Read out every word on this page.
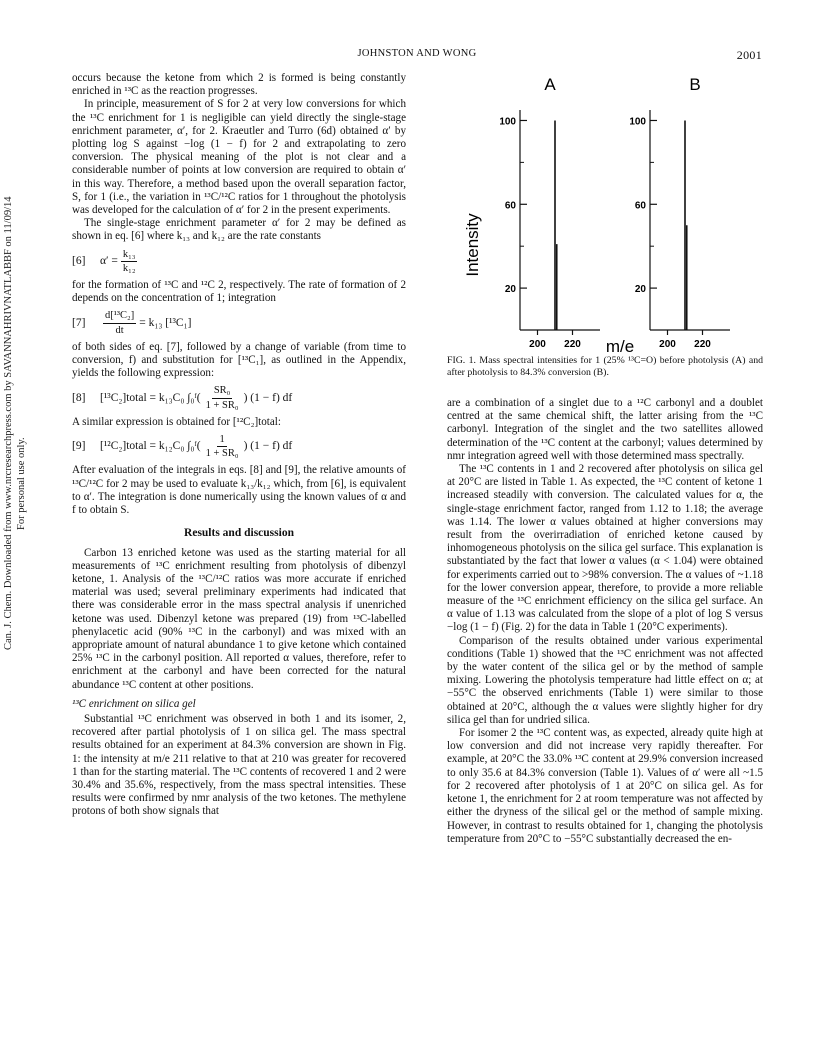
JOHNSTON AND WONG	2001
Can. J. Chem. Downloaded from www.nrcresearchpress.com by SAVANNAHRIVNATLABBF on 11/09/14 For personal use only.

occurs because the ketone from which 2 is formed is being constantly enriched in ¹³C as the reaction progresses.

In principle, measurement of S for 2 at very low conversions for which the ¹³C enrichment for 1 is negligible can yield directly the single-stage enrichment parameter, α′, for 2. Kraeutler and Turro (6d) obtained α′ by plotting log S against −log (1 − f) for 2 and extrapolating to zero conversion. The physical meaning of the plot is not clear and a considerable number of points at low conversion are required to obtain α′ in this way. Therefore, a method based upon the overall separation factor, S, for 1 (i.e., the variation in ¹³C/¹²C ratios for 1 throughout the photolysis was developed for the calculation of α′ for 2 in the present experiments.

The single-stage enrichment parameter α′ for 2 may be defined as shown in eq. [6] where k₁₃ and k₁₂ are the rate constants

[6]	$\alpha' = \frac{\text{k₁₃}}{\text{k₁₂}}$

for the formation of ¹³C and ¹²C 2, respectively. The rate of formation of 2 depends on the concentration of 1; integration

[7]	$\frac{\text{d[¹³C₂]}}{dt} = k_{13}$ [¹³C₁]

of both sides of eq. [7], followed by a change of variable (from time to conversion, f) and substitution for [¹³C₁], as outlined in the Appendix, yields the following expression:

[8]	[¹³C₂]total = k₁₃C₀ ∫₀ᶠ ( $\frac{\text{SR₀}}{\text{1 + SR₀}}$ ) (1 − f) df

A similar expression is obtained for [¹²C₂]total:

[9]	[¹²C₂]total = k₁₂C₀ ∫₀ᶠ ( $\frac{1}{\text{1 + SR₀}}$ ) (1 − f) df

After evaluation of the integrals in eqs. [8] and [9], the relative amounts of ¹³C/¹²C for 2 may be used to evaluate k₁₃/k₁₂ which, from [6], is equivalent to α′. The integration is done numerically using the known values of α and f to obtain S.

Results and discussion

Carbon 13 enriched ketone was used as the starting material for all measurements of ¹³C enrichment resulting from photolysis of dibenzyl ketone, 1. Analysis of the ¹³C/¹²C ratios was more accurate if enriched material was used; several preliminary experiments had indicated that there was considerable error in the mass spectral analysis if unenriched ketone was used. Dibenzyl ketone was prepared (19) from ¹³C-labelled phenylacetic acid (90% ¹³C in the carbonyl) and was mixed with an appropriate amount of natural abundance 1 to give ketone which contained 25% ¹³C in the carbonyl position. All reported α values, therefore, refer to enrichment at the carbonyl and have been corrected for the natural abundance ¹³C content at other positions.

¹³C enrichment on silica gel

Substantial ¹³C enrichment was observed in both 1 and its isomer, 2, recovered after partial photolysis of 1 on silica gel. The mass spectral results obtained for an experiment at 84.3% conversion are shown in Fig. 1: the intensity at m/e 211 relative to that at 210 was greater for recovered 1 than for the starting material. The ¹³C contents of recovered 1 and 2 were 30.4% and 35.6%, respectively, from the mass spectral intensities. These results were confirmed by nmr analysis of the two ketones. The methylene protons of both show signals that

A	B
Intensity
m/e
20
60
100
200 220
20
60
100
200 220
FIG. 1. Mass spectral intensities for 1 (25% ¹³C=O) before photolysis (A) and after photolysis to 84.3% conversion (B).

are a combination of a singlet due to a ¹²C carbonyl and a doublet centred at the same chemical shift, the latter arising from the ¹³C carbonyl. Integration of the singlet and the two satellites allowed determination of the ¹³C content at the carbonyl; values determined by nmr integration agreed well with those determined mass spectrally.

The ¹³C contents in 1 and 2 recovered after photolysis on silica gel at 20°C are listed in Table 1. As expected, the ¹³C content of ketone 1 increased steadily with conversion. The calculated values for α, the single-stage enrichment factor, ranged from 1.12 to 1.18; the average was 1.14. The lower α values obtained at higher conversions may result from the overirradiation of enriched ketone caused by inhomogeneous photolysis on the silica gel surface. This explanation is substantiated by the fact that lower α values (α < 1.04) were obtained for experiments carried out to >98% conversion. The α values of ~1.18 for the lower conversion appear, therefore, to provide a more reliable measure of the ¹³C enrichment efficiency on the silica gel surface. An α value of 1.13 was calculated from the slope of a plot of log S versus −log (1 − f) (Fig. 2) for the data in Table 1 (20°C experiments).

Comparison of the results obtained under various experimental conditions (Table 1) showed that the ¹³C enrichment was not affected by the water content of the silica gel or by the method of sample mixing. Lowering the photolysis temperature had little effect on α; at −55°C the observed enrichments (Table 1) were similar to those obtained at 20°C, although the α values were slightly higher for dry silica gel than for undried silica.

For isomer 2 the ¹³C content was, as expected, already quite high at low conversion and did not increase very rapidly thereafter. For example, at 20°C the 33.0% ¹³C content at 29.9% conversion increased to only 35.6 at 84.3% conversion (Table 1). Values of α′ were all ~1.5 for 2 recovered after photolysis of 1 at 20°C on silica gel. As for ketone 1, the enrichment for 2 at room temperature was not affected by either the dryness of the silical gel or the method of sample mixing. However, in contrast to results obtained for 1, changing the photolysis temperature from 20°C to −55°C substantially decreased the en-
